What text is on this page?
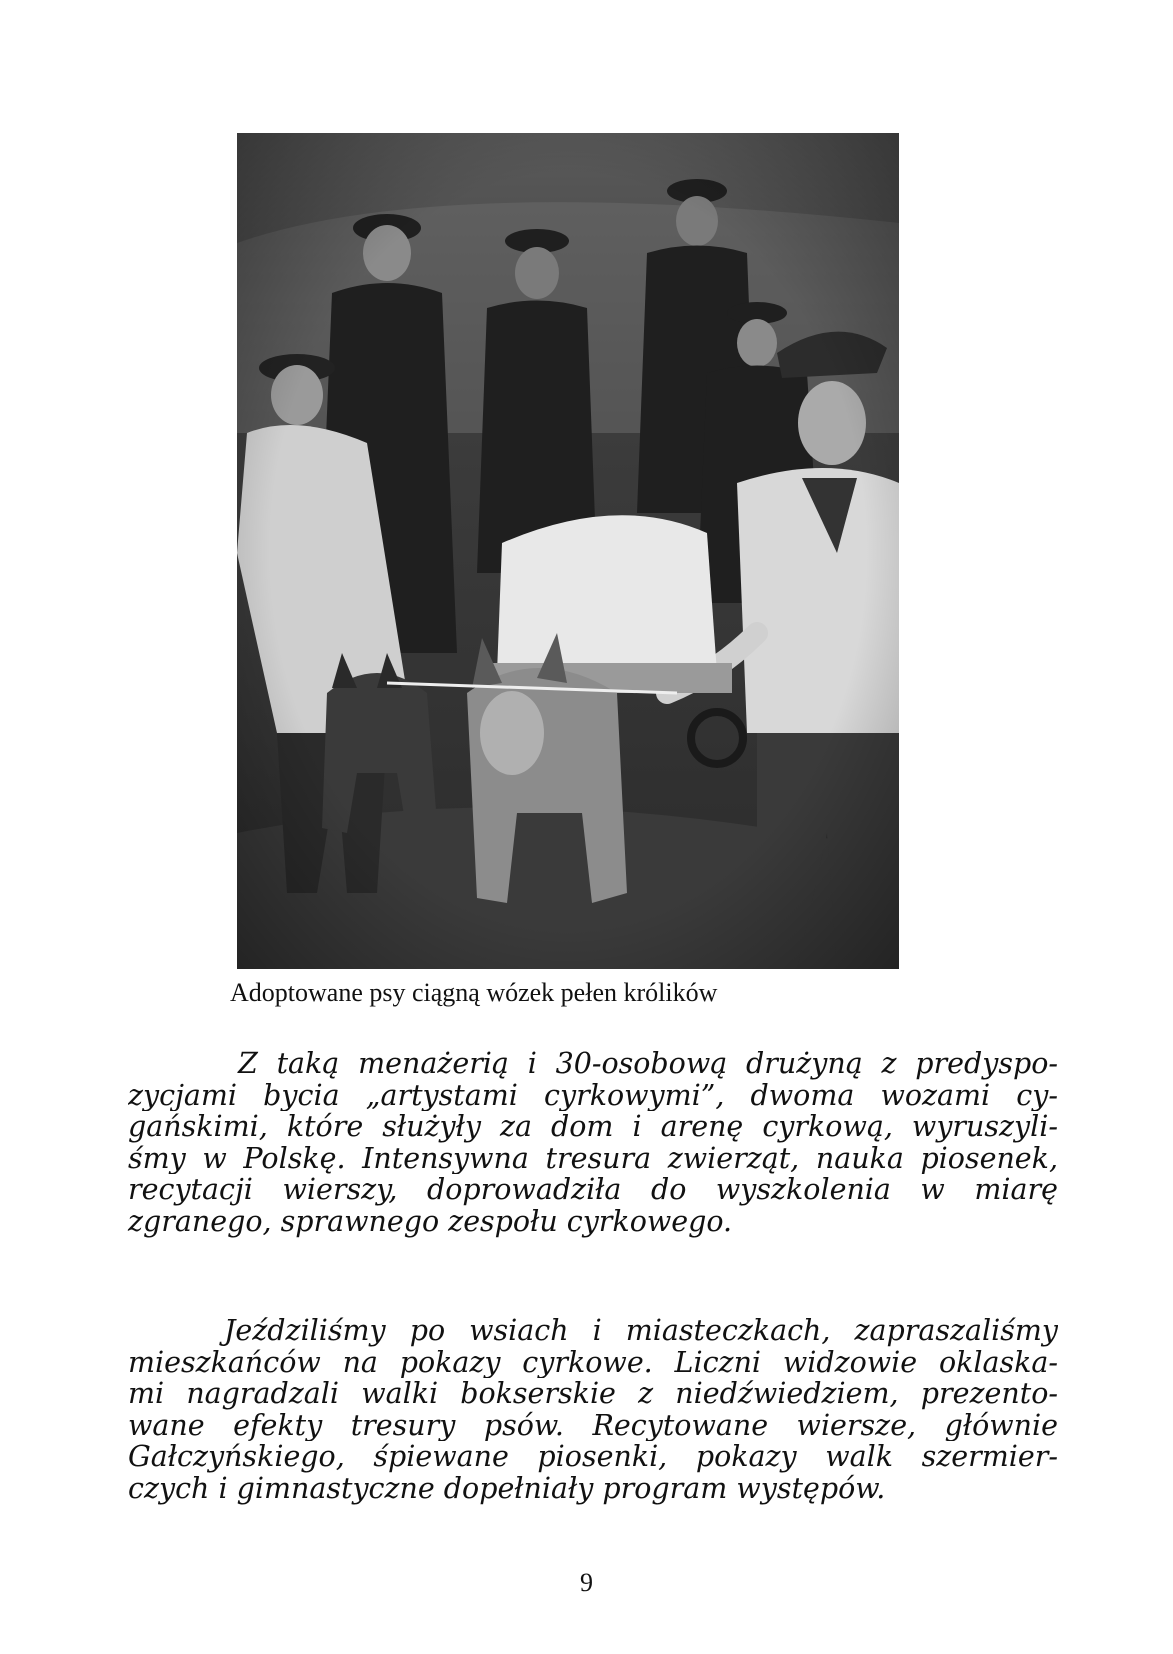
Adoptowane psy ciągną wózek pełen królików
Z taką menażerią i 30-osobową drużyną z predyspo-
zycjami bycia „artystami cyrkowymi”, dwoma wozami cy-
gańskimi, które służyły za dom i arenę cyrkową, wyruszyli-
śmy w Polskę. Intensywna tresura zwierząt, nauka piosenek,
recytacji wierszy, doprowadziła do wyszkolenia w miarę
zgranego, sprawnego zespołu cyrkowego.
Jeździliśmy po wsiach i miasteczkach, zapraszaliśmy
mieszkańców na pokazy cyrkowe. Liczni widzowie oklaska-
mi nagradzali walki bokserskie z niedźwiedziem, prezento-
wane efekty tresury psów. Recytowane wiersze, głównie
Gałczyńskiego, śpiewane piosenki, pokazy walk szermier-
czych i gimnastyczne dopełniały program występów.
9
